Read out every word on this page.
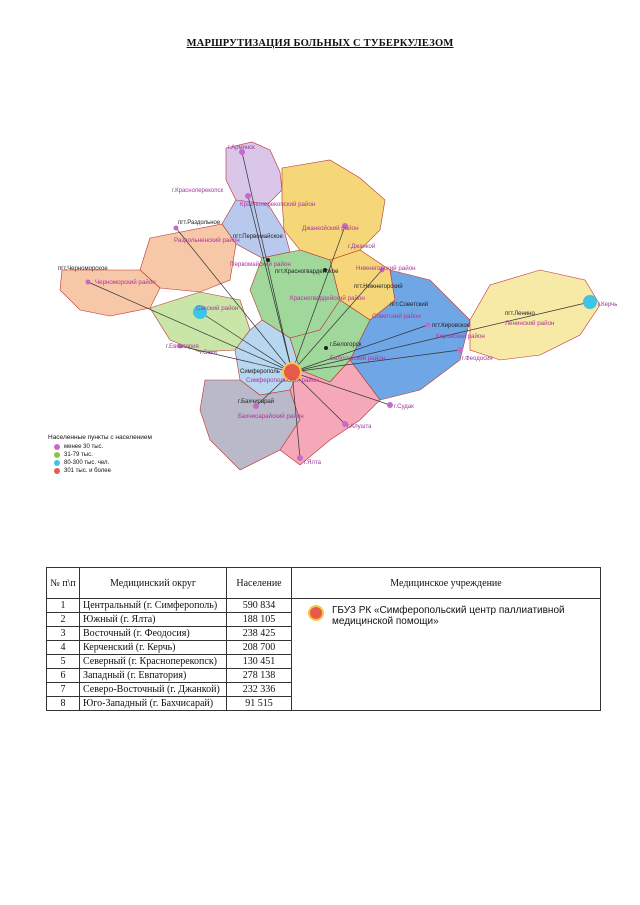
МАРШРУТИЗАЦИЯ БОЛЬНЫХ С ТУБЕРКУЛЕЗОМ
г.Армянск
г.Красноперекопск
пгт.Раздольное
пгт.Первомайское
г.Джанкой
пгт.Черноморское	пгт.Красногвардейское
пгт.Нижнегорский
пгт.Советский
пгт.Кировское
пгт.Ленино
г.Керчь
г.Евпатория
г.Саки
г.Белогорск
г.Феодосия
г.Бахчисарай
г.Судак
г.Алушта
г.Ялта
Симферополь
Красноперекопский район
Раздольненский район
Первомайский район
Джанкойский район
Черноморский район
Сакский район
Красногвардейский район
Нижнегорский район
Советский район
Кировский район
Ленинский район
Белогорский район
Симферопольский район
Бахчисарайский район
Населенные пункты с населением
менее 30 тыс.
31-79 тыс.
80-300 тыс. чел.
301 тыс. и более
№ п\п	Медицинский округ	Население	Медицинское учреждение
1	Центральный (г. Симферополь)	590 834	ГБУЗ РК «Симферопольский центр паллиативной медицинской помощи»

2	Южный (г. Ялта)	188 105	
3	Восточный (г. Феодосия)	238 425	
4	Керченский (г. Керчь)	208 700	
5	Северный (г. Красноперекопск)	130 451	
6	Западный (г. Евпатория)	278 138	
7	Северо-Восточный (г. Джанкой)	232 336	
8	Юго-Западный (г. Бахчисарай)	91 515	
